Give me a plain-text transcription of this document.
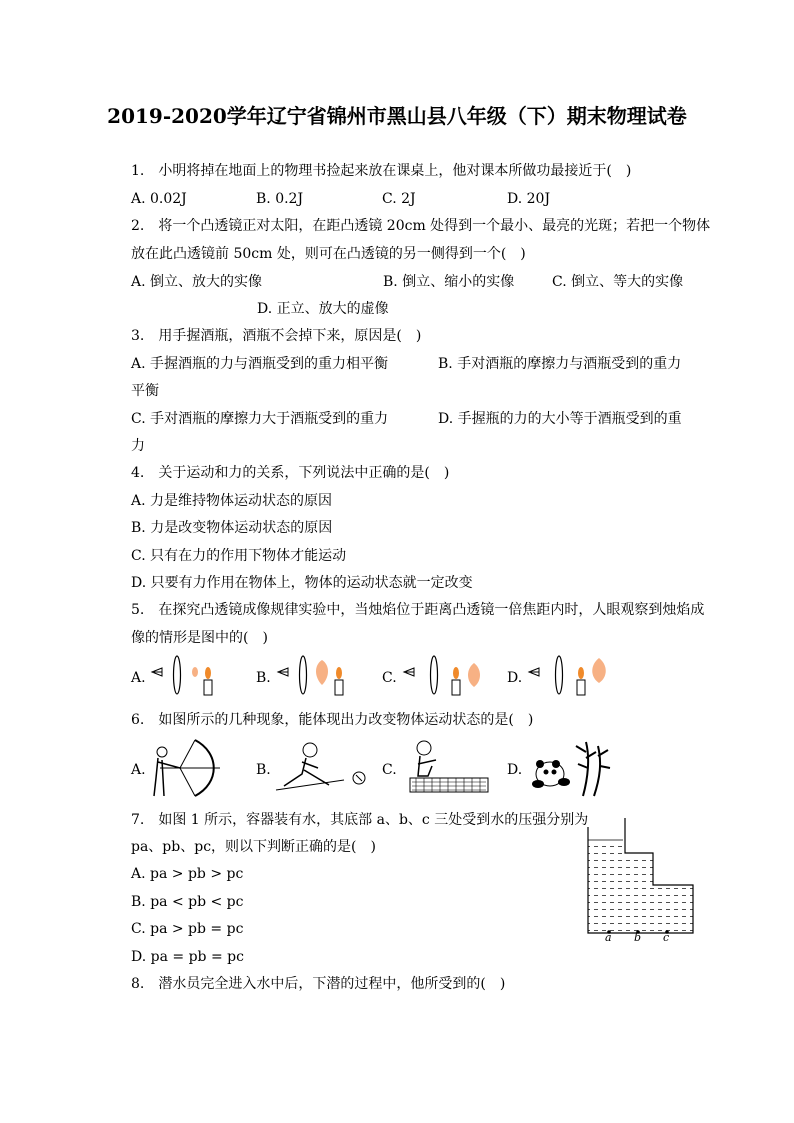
2019-2020学年辽宁省锦州市黑山县八年级（下）期末物理试卷
1.　小明将掉在地面上的物理书捡起来放在课桌上，他对课本所做功最接近于(　)
A. 0.02J	B. 0.2J	C. 2J	D. 20J
2.　将一个凸透镜正对太阳，在距凸透镜 20cm 处得到一个最小、最亮的光斑；若把一个物体
放在此凸透镜前 50cm 处，则可在凸透镜的另一侧得到一个(　)
A. 倒立、放大的实像	B. 倒立、缩小的实像	C. 倒立、等大的实像
D. 正立、放大的虚像
3.　用手握酒瓶，酒瓶不会掉下来，原因是(　)
A. 手握酒瓶的力与酒瓶受到的重力相平衡	B. 手对酒瓶的摩擦力与酒瓶受到的重力
平衡
C. 手对酒瓶的摩擦力大于酒瓶受到的重力	D. 手握瓶的力的大小等于酒瓶受到的重
力
4.　关于运动和力的关系，下列说法中正确的是(　)
A. 力是维持物体运动状态的原因
B. 力是改变物体运动状态的原因
C. 只有在力的作用下物体才能运动
D. 只要有力作用在物体上，物体的运动状态就一定改变
5.　在探究凸透镜成像规律实验中，当烛焰位于距离凸透镜一倍焦距内时，人眼观察到烛焰成
像的情形是图中的(　)
A.	B.	C.	D.
6.　如图所示的几种现象，能体现出力改变物体运动状态的是(　)
A.	B.	C.	D.
7.　如图 1 所示，容器装有水，其底部 a、b、c 三处受到水的压强分别为
pa、pb、pc，则以下判断正确的是(　)
A. pa > pb > pc
B. pa < pb < pc
C. pa > pb = pc
D. pa = pb = pc
a b c
8.　潜水员完全进入水中后，下潜的过程中，他所受到的(　)
